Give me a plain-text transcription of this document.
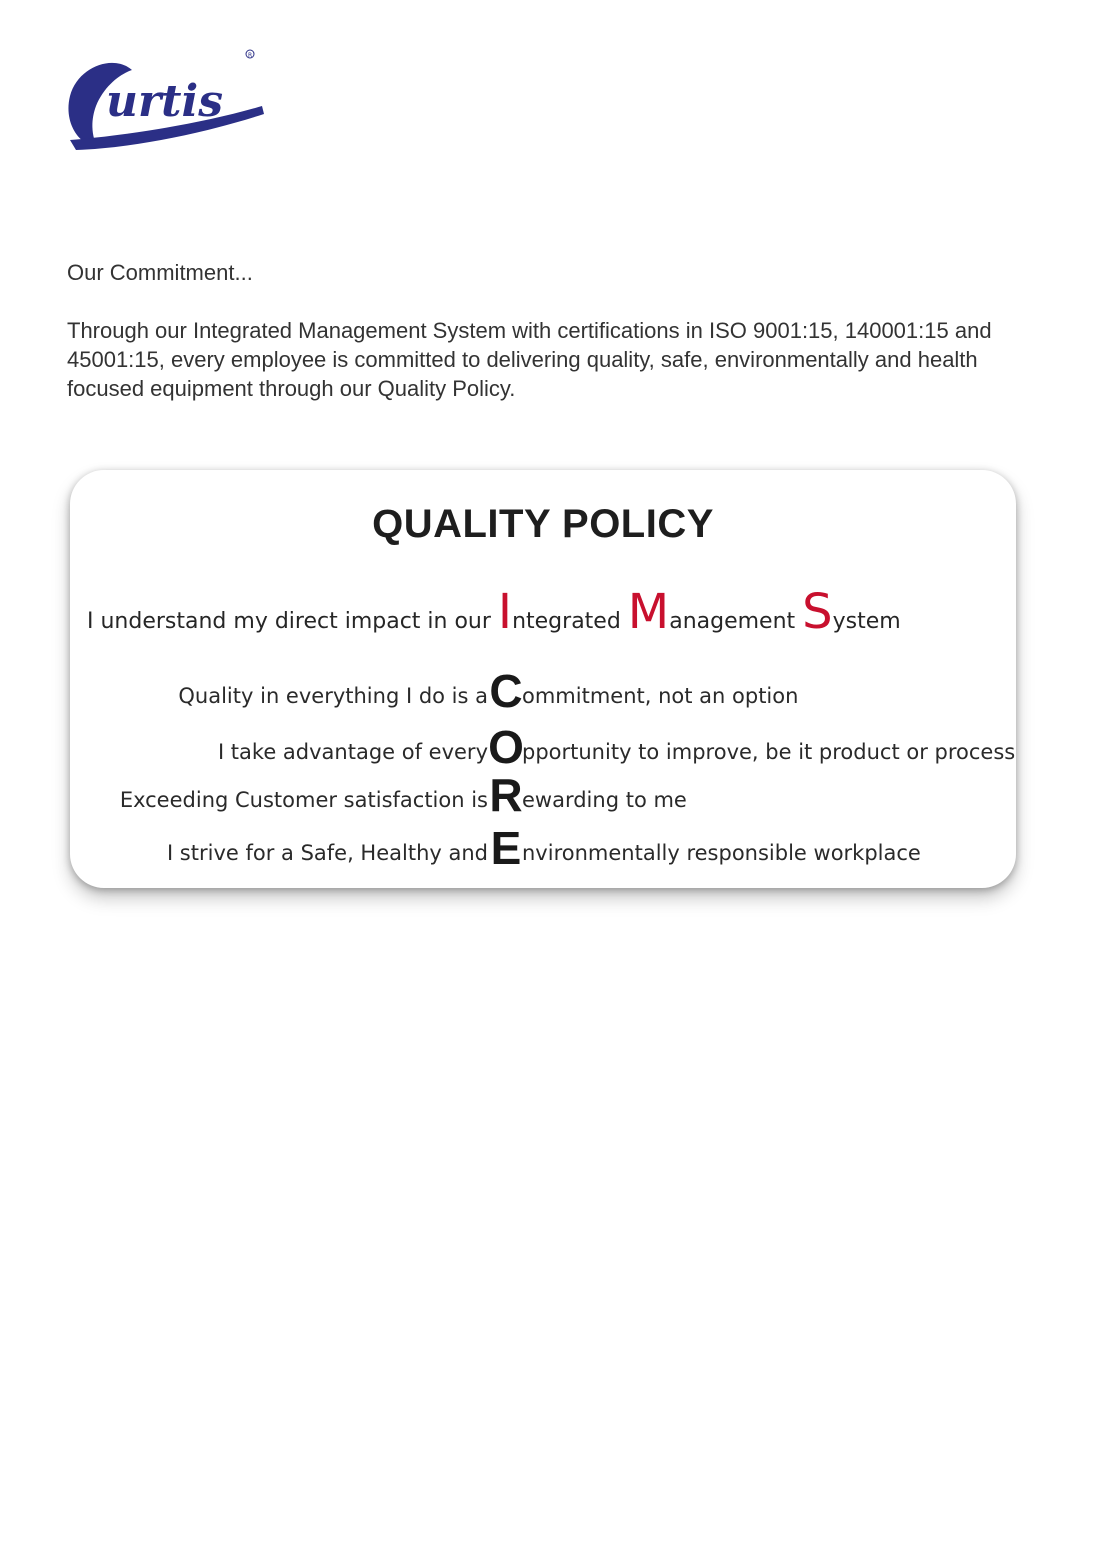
urtis
R

Our Commitment...

Through our Integrated Management System with certifications in ISO 9001:15, 140001:15 and 45001:15, every employee is committed to delivering quality, safe, environmentally and health focused equipment through our Quality Policy.

QUALITY POLICY
I understand my direct impact in our Integrated Management System
Quality in everything I do is a C ommitment, not an option
I take advantage of every O
pportunity to improve, be it product or process
Exceeding Customer satisfaction is R ewarding to me
I strive for a Safe, Healthy and E nvironmentally responsible workplace
